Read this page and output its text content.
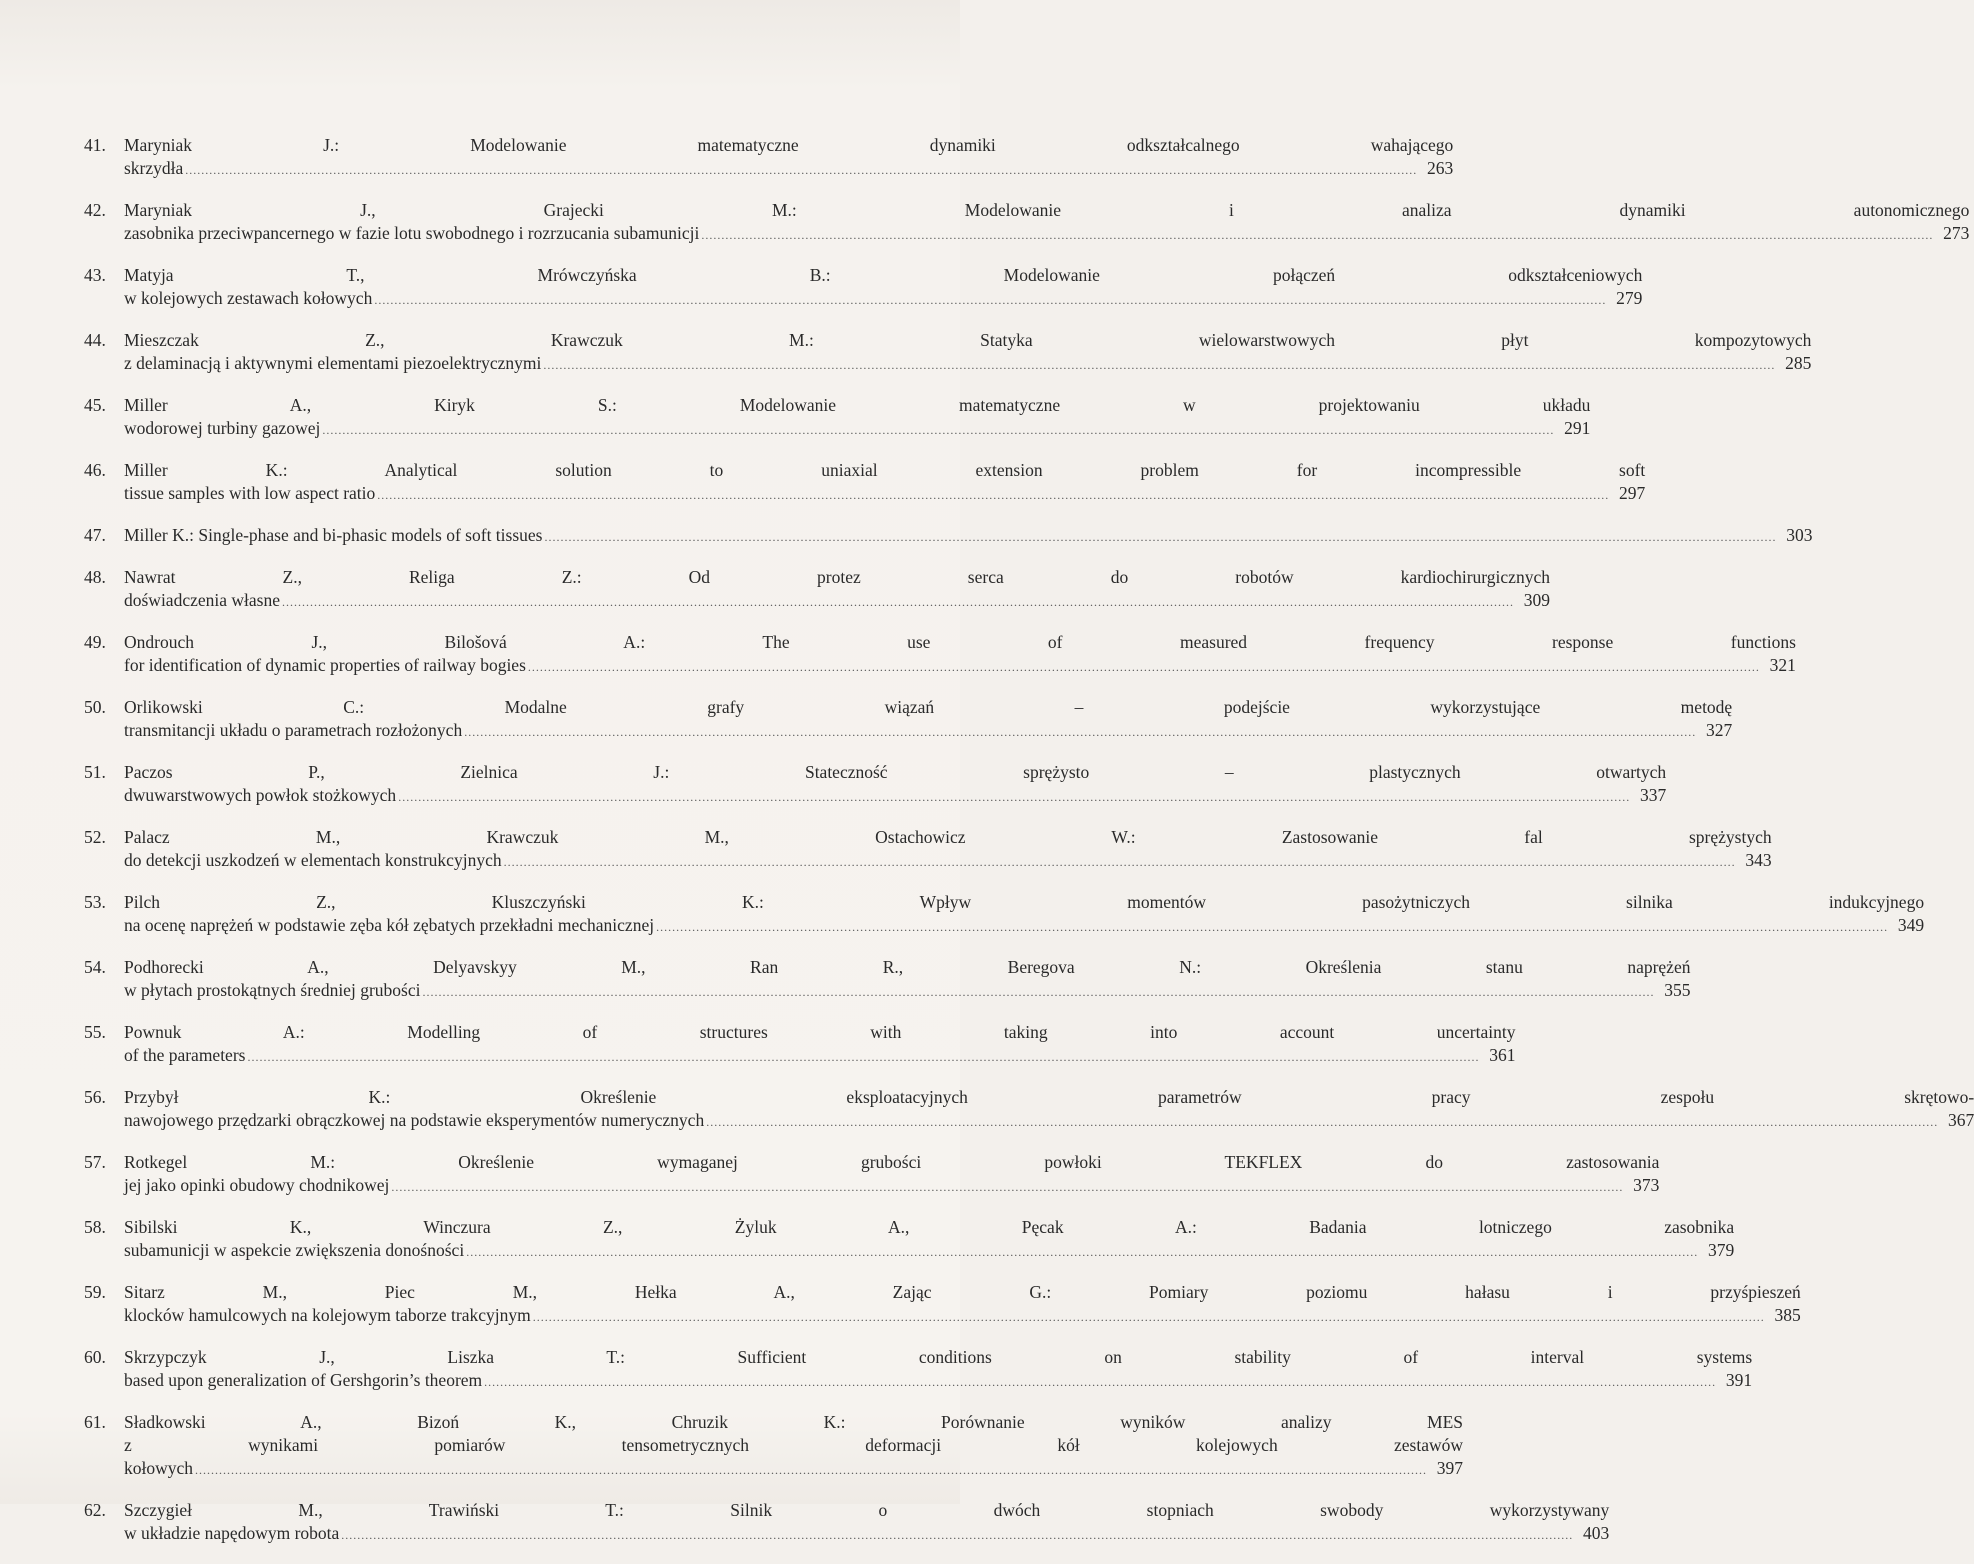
41.	Maryniak J.: Modelowanie matematyczne dynamiki odkształcalnego wahającego
skrzydła .....	263
42.	Maryniak J., Grajecki M.: Modelowanie i analiza dynamiki autonomicznego
zasobnika przeciwpancernego w fazie lotu swobodnego i rozrzucania subamunicji .....	273
43.	Matyja T., Mrówczyńska B.: Modelowanie połączeń odkształceniowych
w kolejowych zestawach kołowych .....	279
44.	Mieszczak Z., Krawczuk M.: Statyka wielowarstwowych płyt kompozytowych
z delaminacją i aktywnymi elementami piezoelektrycznymi .....	285
45.	Miller A., Kiryk S.: Modelowanie matematyczne w projektowaniu układu
wodorowej turbiny gazowej .....	291
46.	Miller K.: Analytical solution to uniaxial extension problem for incompressible soft
tissue samples with low aspect ratio .....	297
47.	Miller K.: Single-phase and bi-phasic models of soft tissues .....	303
48.	Nawrat Z., Religa Z.: Od protez serca do robotów kardiochirurgicznych
doświadczenia własne .....	309
49.	Ondrouch J., Bilošová A.: The use of measured frequency response functions
for identification of dynamic properties of railway bogies .....	321
50.	Orlikowski C.: Modalne grafy wiązań – podejście wykorzystujące metodę
transmitancji układu o parametrach rozłożonych .....	327
51.	Paczos P., Zielnica J.: Stateczność sprężysto – plastycznych otwartych
dwuwarstwowych powłok stożkowych .....	337
52.	Palacz M., Krawczuk M., Ostachowicz W.: Zastosowanie fal sprężystych
do detekcji uszkodzeń w elementach konstrukcyjnych .....	343
53.	Pilch Z., Kluszczyński K.: Wpływ momentów pasożytniczych silnika indukcyjnego
na ocenę naprężeń w podstawie zęba kół zębatych przekładni mechanicznej .....	349
54.	Podhorecki A., Delyavskyy M., Ran R., Beregova N.: Określenia stanu naprężeń
w płytach prostokątnych średniej grubości .....	355
55.	Pownuk A.: Modelling of structures with taking into account uncertainty
of the parameters .....	361
56.	Przybył K.: Określenie eksploatacyjnych parametrów pracy zespołu skrętowo-
nawojowego przędzarki obrączkowej na podstawie eksperymentów numerycznych .....	367
57.	Rotkegel M.: Określenie wymaganej grubości powłoki TEKFLEX do zastosowania
jej jako opinki obudowy chodnikowej .....	373
58.	Sibilski K., Winczura Z., Żyluk A., Pęcak A.: Badania lotniczego zasobnika
subamunicji w aspekcie zwiększenia donośności .....	379
59.	Sitarz M., Piec M., Hełka A., Zając G.: Pomiary poziomu hałasu i przyśpieszeń
klocków hamulcowych na kolejowym taborze trakcyjnym .....	385
60.	Skrzypczyk J., Liszka T.: Sufficient conditions on stability of interval systems
based upon generalization of Gershgorin’s theorem .....	391
61.	Sładkowski A., Bizoń K., Chruzik K.: Porównanie wyników analizy MES
z wynikami pomiarów tensometrycznych deformacji kół kolejowych zestawów
kołowych .....	397
62.	Szczygieł M., Trawiński T.: Silnik o dwóch stopniach swobody wykorzystywany
w układzie napędowym robota .....	403
